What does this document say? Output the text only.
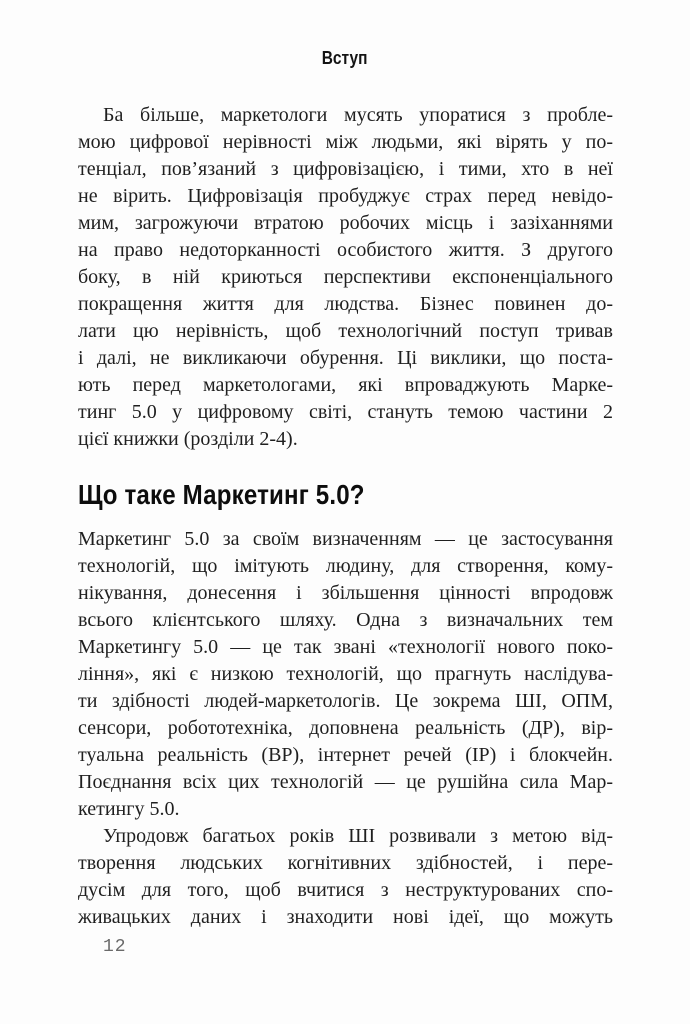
Вступ
Ба більше, маркетологи мусять упоратися з пробле-
мою цифрової нерівності між людьми, які вірять у по-
тенціал, пов’язаний з цифровізацією, і тими, хто в неї
не вірить. Цифровізація пробуджує страх перед невідо-
мим, загрожуючи втратою робочих місць і зазіханнями
на право недоторканності особистого життя. З другого
боку, в ній криються перспективи експоненціального
покращення життя для людства. Бізнес повинен до-
лати цю нерівність, щоб технологічний поступ тривав
і далі, не викликаючи обурення. Ці виклики, що поста-
ють перед маркетологами, які впроваджують Марке-
тинг 5.0 у цифровому світі, стануть темою частини 2
цієї книжки (розділи 2-4).
Що таке Маркетинг 5.0?
Маркетинг 5.0 за своїм визначенням — це застосування
технологій, що імітують людину, для створення, кому-
нікування, донесення і збільшення цінності впродовж
всього клієнтського шляху. Одна з визначальних тем
Маркетингу 5.0 — це так звані «технології нового поко-
ління», які є низкою технологій, що прагнуть наслідува-
ти здібності людей-маркетологів. Це зокрема ШІ, ОПМ,
сенсори, робототехніка, доповнена реальність (ДР), вір-
туальна реальність (ВР), інтернет речей (ІР) і блокчейн.
Поєднання всіх цих технологій — це рушійна сила Мар-
кетингу 5.0.
Упродовж багатьох років ШІ розвивали з метою від-
творення людських когнітивних здібностей, і пере-
дусім для того, щоб вчитися з неструктурованих спо-
живацьких даних і знаходити нові ідеї, що можуть
12
